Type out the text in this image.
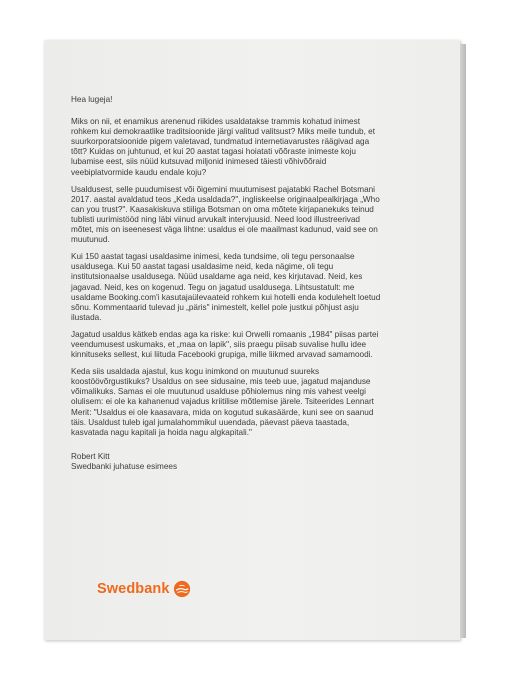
Hea lugeja!

Miks on nii, et enamikus arenenud riikides usaldatakse trammis kohatud inimest rohkem kui demokraatlike traditsioonide järgi valitud valitsust? Miks meile tundub, et suurkorporatsioonide pigem valetavad, tundmatud internetiavarustes räägivad aga tõtt? Kuidas on juhtunud, et kui 20 aastat tagasi hoiatati võõraste inimeste koju lubamise eest, siis nüüd kutsuvad miljonid inimesed täiesti võhivõõraid veebiplatvormide kaudu endale koju?

Usaldusest, selle puudumisest või õigemini muutumisest pajatabki Rachel Botsmani 2017. aastal avaldatud teos „Keda usaldada?", ingliskeelse originaalpealkirjaga „Who can you trust?". Kaasakiskuva stiiliga Botsman on oma mõtete kirjapanekuks teinud tublisti uurimistööd ning läbi viinud arvukalt intervjuusid. Need lood illustreerivad mõtet, mis on iseenesest väga lihtne: usaldus ei ole maailmast kadunud, vaid see on muutunud.

Kui 150 aastat tagasi usaldasime inimesi, keda tundsime, oli tegu personaalse usaldusega. Kui 50 aastat tagasi usaldasime neid, keda nägime, oli tegu institutsionaalse usaldusega. Nüüd usaldame aga neid, kes kirjutavad. Neid, kes jagavad. Neid, kes on kogenud. Tegu on jagatud usaldusega. Lihtsustatult: me usaldame Booking.com'i kasutajaülevaateid rohkem kui hotelli enda kodulehelt loetud sõnu. Kommentaarid tulevad ju „päris" inimestelt, kellel pole justkui põhjust asju ilustada.

Jagatud usaldus kätkeb endas aga ka riske: kui Orwelli romaanis „1984" piisas partei veendumusest uskumaks, et „maa on lapik", siis praegu piisab suvalise hullu idee kinnituseks sellest, kui liituda Facebooki grupiga, mille liikmed arvavad samamoodi.

Keda siis usaldada ajastul, kus kogu inimkond on muutunud suureks koostöövõrgustikuks? Usaldus on see sidusaine, mis teeb uue, jagatud majanduse võimalikuks. Samas ei ole muutunud usalduse põhiolemus ning mis vahest veelgi olulisem: ei ole ka kahanenud vajadus kriitilise mõtlemise järele. Tsiteerides Lennart Merit: "Usaldus ei ole kaasavara, mida on kogutud sukasäärde, kuni see on saanud täis. Usaldust tuleb igal jumalahommikul uuendada, päevast päeva taastada, kasvatada nagu kapitali ja hoida nagu algkapitali."

Robert Kitt
Swedbanki juhatuse esimees
Swedbank
